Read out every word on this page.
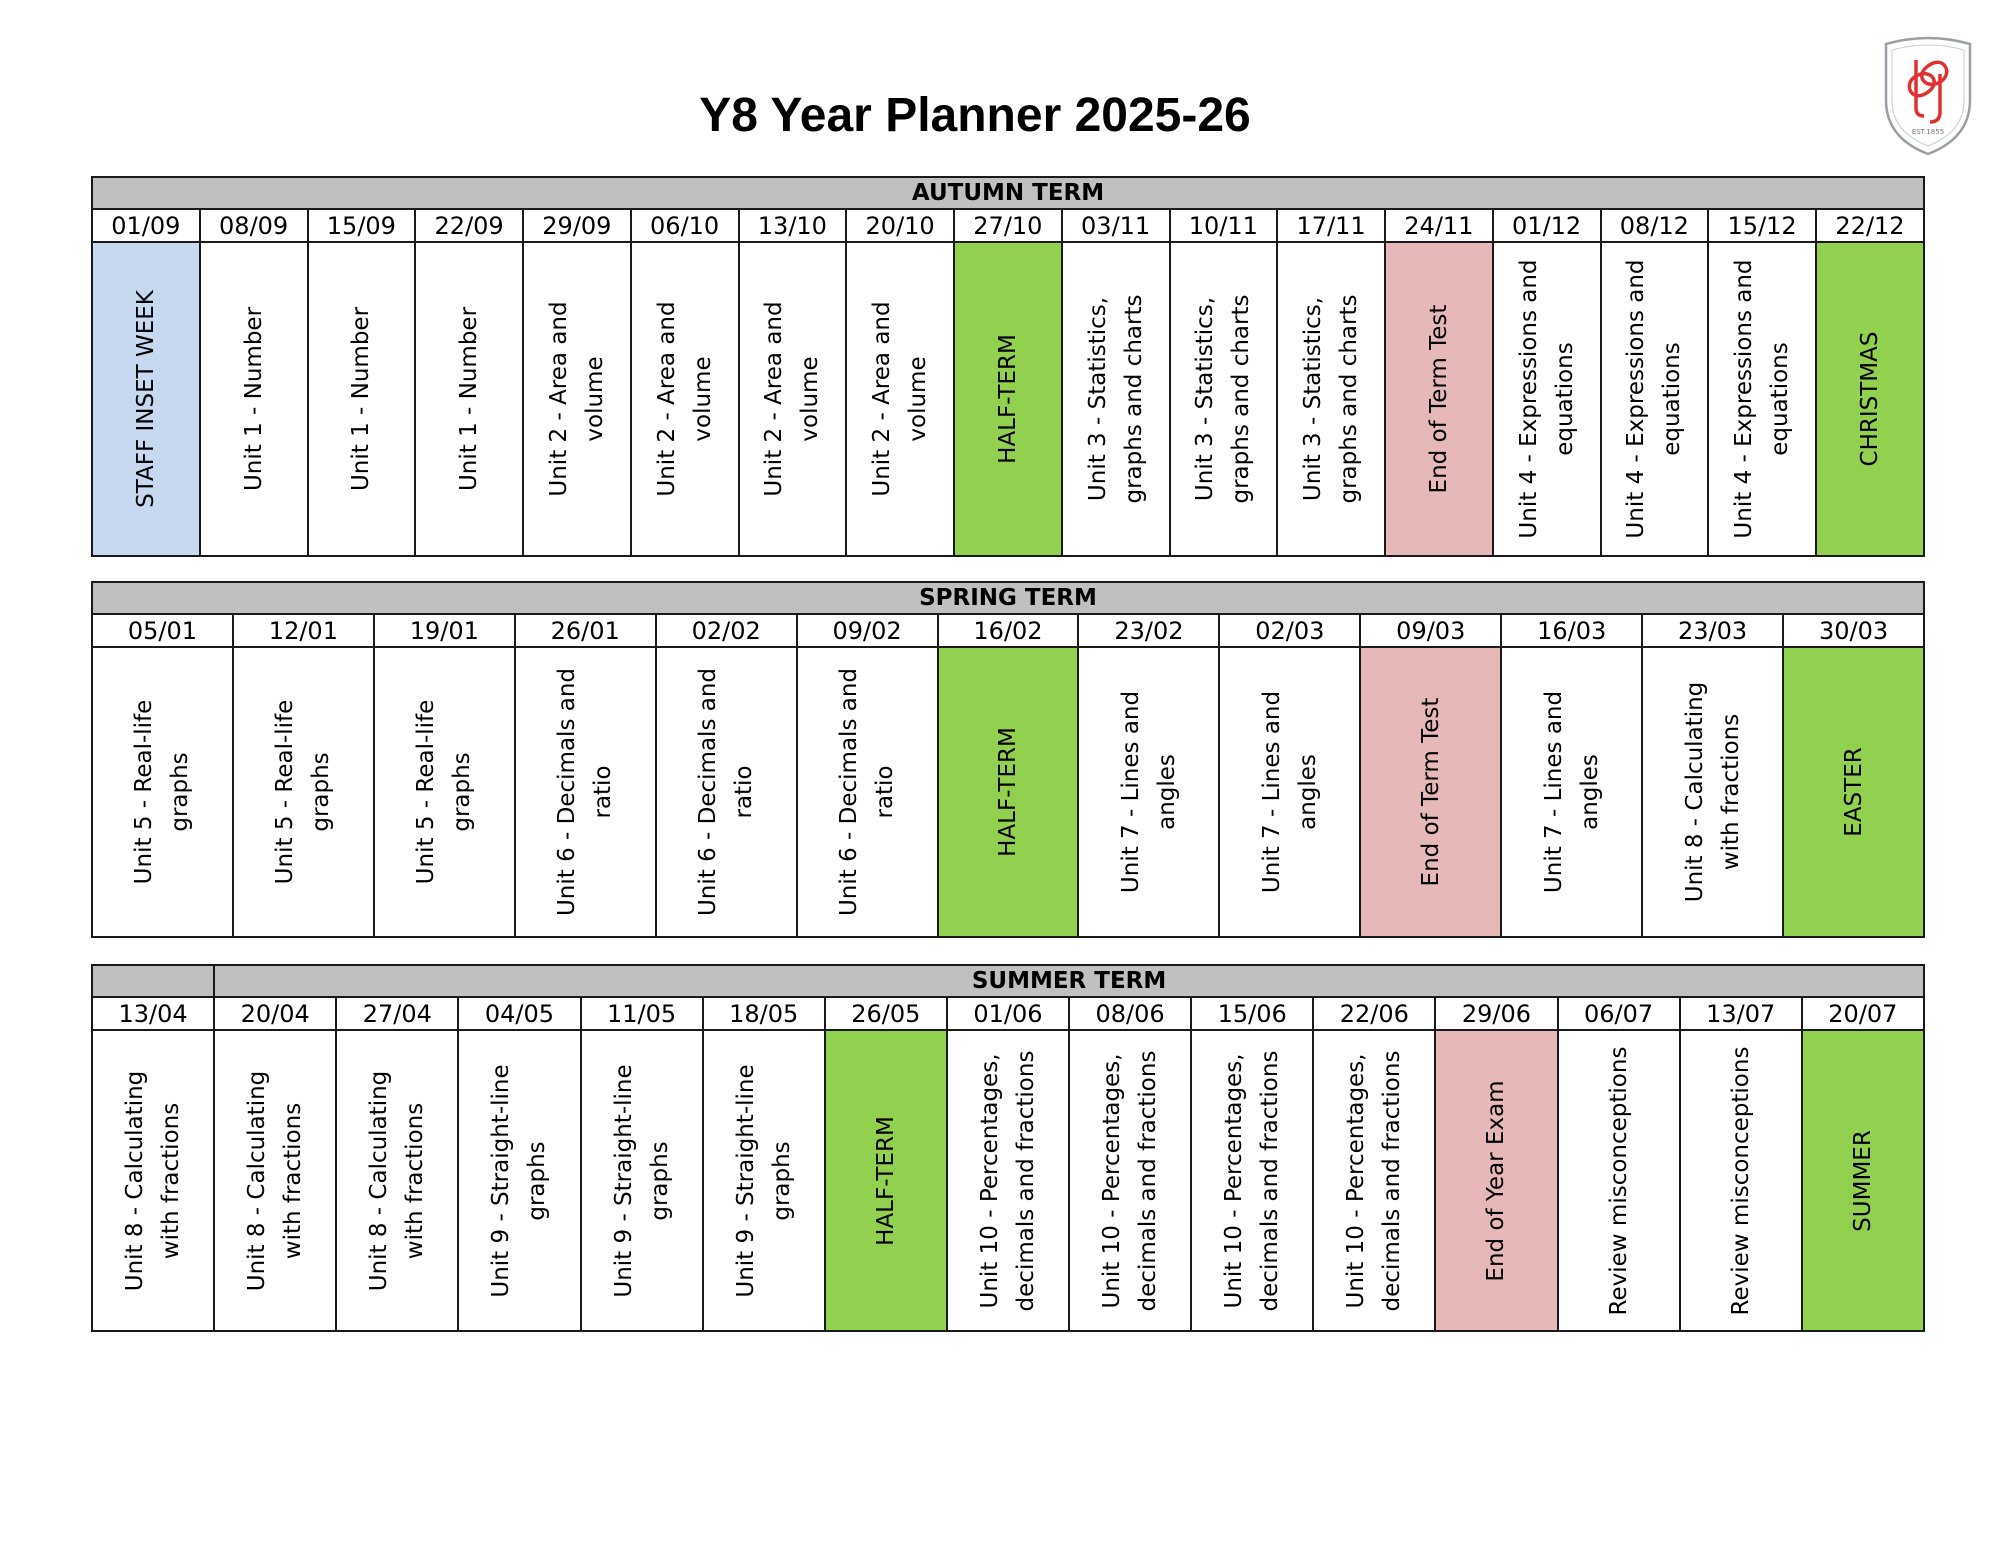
Y8 Year Planner 2025-26	EST.1855
AUTUMN TERM																
01/09	08/09	15/09	22/09	29/09	06/10	13/10	20/10	27/10	03/11	10/11	17/11	24/11	01/12	08/12	15/12	22/12

STAFF INSET WEEK	Unit 1 - Number	Unit 1 - Number	Unit 1 - Number	Unit 2 - Area and volume	Unit 2 - Area and volume	Unit 2 - Area and volume	Unit 2 - Area and volume	HALF-TERM	Unit 3 - Statistics, graphs and charts	Unit 3 - Statistics, graphs and charts	Unit 3 - Statistics, graphs and charts	End of Term Test	Unit 4 - Expressions and equations	Unit 4 - Expressions and equations	Unit 4 - Expressions and equations	CHRISTMAS
SPRING TERM												
05/01	12/01	19/01	26/01	02/02	09/02	16/02	23/02	02/03	09/03	16/03	23/03	30/03

Unit 5 - Real-life graphs	Unit 5 - Real-life graphs	Unit 5 - Real-life graphs	Unit 6 - Decimals and ratio	Unit 6 - Decimals and ratio	Unit 6 - Decimals and ratio	HALF-TERM	Unit 7 - Lines and angles	Unit 7 - Lines and angles	End of Term Test	Unit 7 - Lines and angles	Unit 8 - Calculating with fractions	EASTER
	SUMMER TERM													
13/04	20/04	27/04	04/05	11/05	18/05	26/05	01/06	08/06	15/06	22/06	29/06	06/07	13/07	20/07

Unit 8 - Calculating with fractions	Unit 8 - Calculating with fractions	Unit 8 - Calculating with fractions	Unit 9 - Straight-line graphs	Unit 9 - Straight-line graphs	Unit 9 - Straight-line graphs	HALF-TERM	Unit 10 - Percentages, decimals and fractions	Unit 10 - Percentages, decimals and fractions	Unit 10 - Percentages, decimals and fractions	Unit 10 - Percentages, decimals and fractions	End of Year Exam	Review misconceptions	Review misconceptions	SUMMER
